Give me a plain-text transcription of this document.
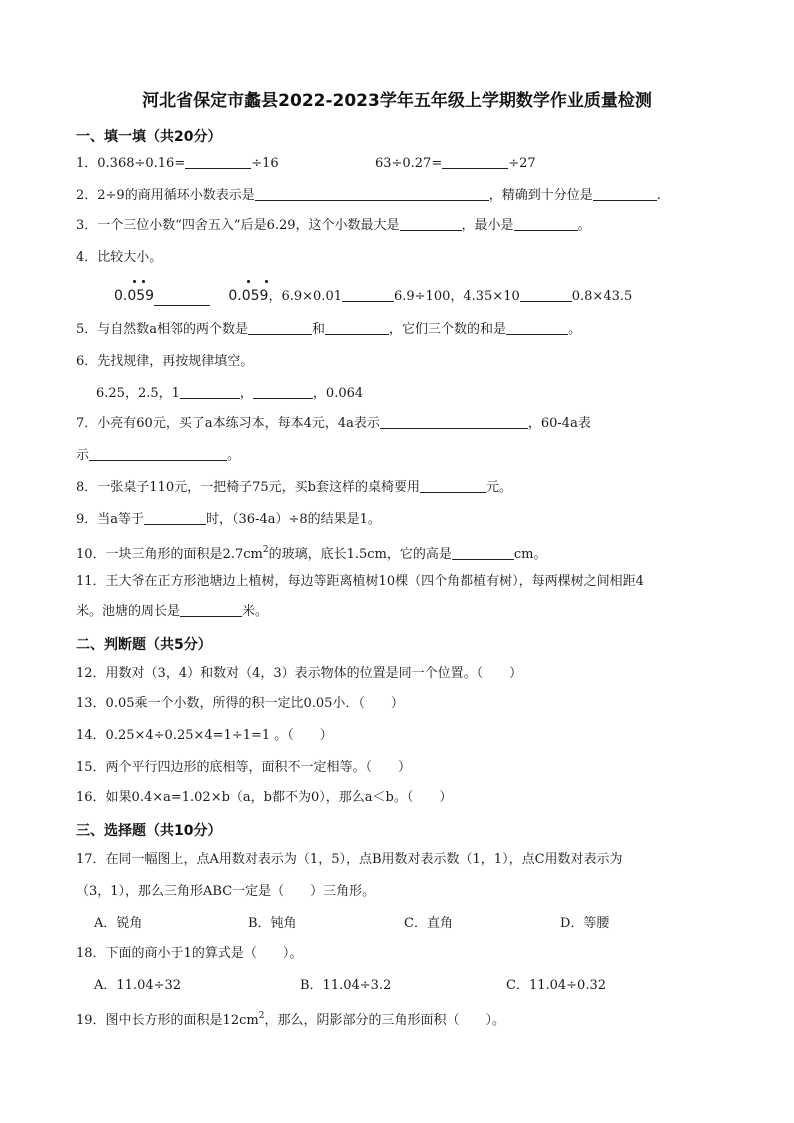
河北省保定市蠡县2022-2023学年五年级上学期数学作业质量检测
一、填一填（共20分）
1．0.368÷0.16=	÷16	63÷0.27=	÷27
2．2÷9的商用循环小数表示是	，精确到十分位是	.
3．一个三位小数“四舍五入”后是6.29，这个小数最大是	，最小是	。
4．比较大小。
0.059	0.059
，6.9×0.01	6.9÷100，4.35×10	0.8×43.5
5．与自然数a相邻的两个数是	和	，它们三个数的和是	。
6．先找规律，再按规律填空。
6.25，2.5，1	，	，0.064
7．小亮有60元，买了a本练习本，每本4元，4a表示	，60-4a表
示	。
8．一张桌子110元，一把椅子75元，买b套这样的桌椅要用	元。
9．当a等于	时，（36-4a）÷8的结果是1。
10．一块三角形的面积是$2.7cm^2$的玻璃，底长1.5cm，它的高是	cm。
11．王大爷在正方形池塘边上植树，每边等距离植树10棵（四个角都植有树），每两棵树之间相距4
米。池塘的周长是	米。
二、判断题（共5分）
12．用数对（3，4）和数对（4，3）表示物体的位置是同一个位置。（　　）
13．0.05乘一个小数，所得的积一定比0.05小．（　　）
14．0.25×4÷0.25×4=1÷1=1 。（　　）
15．两个平行四边形的底相等，面积不一定相等。（　　）
16．如果0.4×a=1.02×b（a，b都不为0），那么a＜b。（　　）
三、选择题（共10分）
17．在同一幅图上，点A用数对表示为（1，5），点B用数对表示数（1，1），点C用数对表示为
（3，1），那么三角形ABC一定是（　　）三角形。
A．锐角	B．钝角	C．直角	D．等腰
18．下面的商小于1的算式是（　　）。
A．11.04÷32	B．11.04÷3.2	C．11.04÷0.32
19．图中长方形的面积是$12cm^2$，那么，阴影部分的三角形面积（　　）。
